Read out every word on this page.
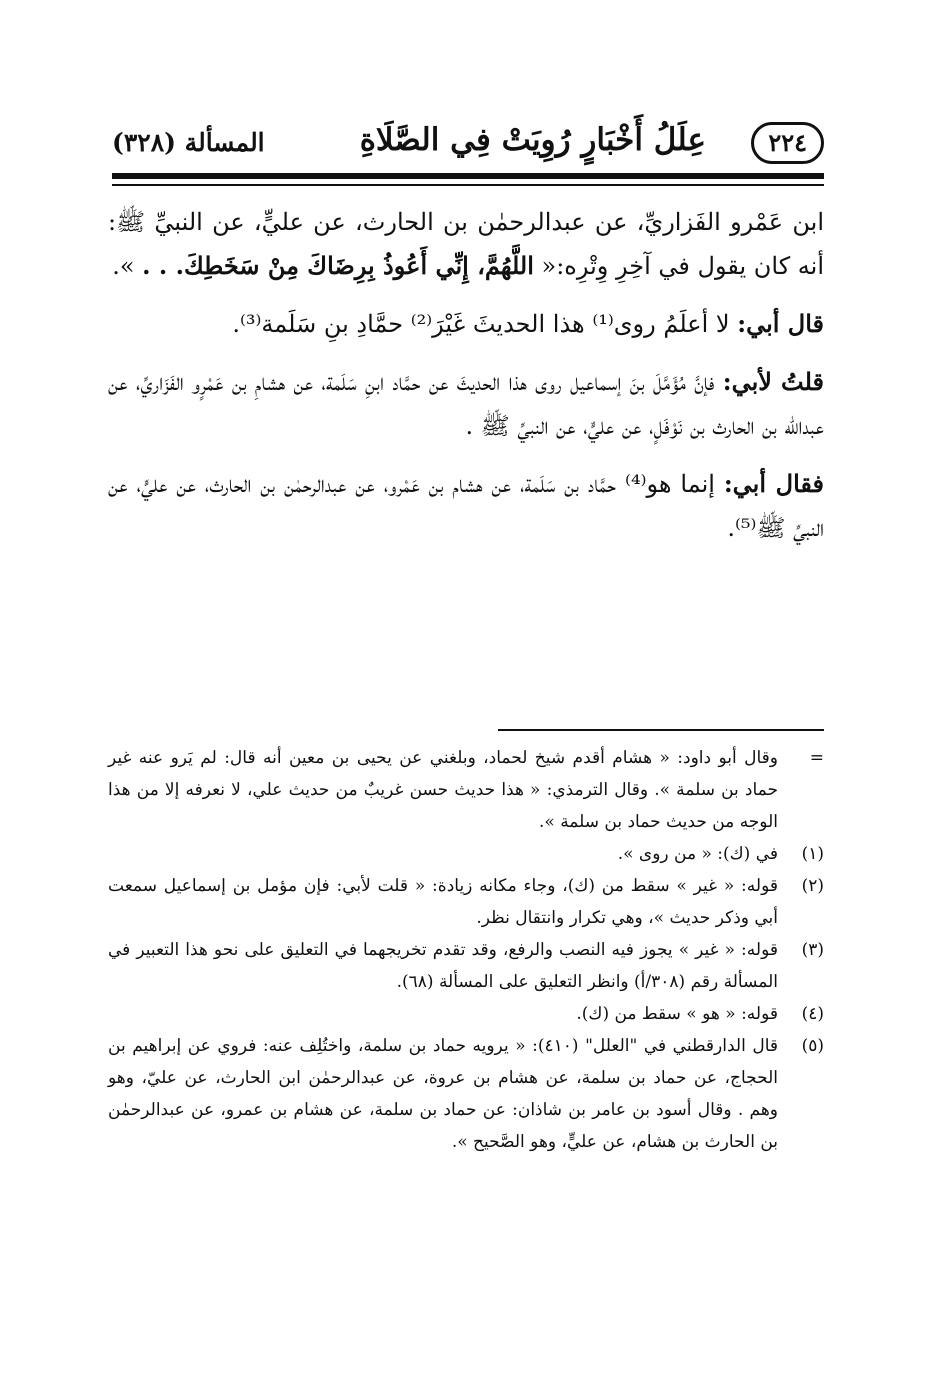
٢٢٤
عِلَلُ أَخْبَارٍ رُوِيَتْ فِي الصَّلَاةِ
المسألة (٣٢٨)

ابن عَمْرو الفَزاريِّ، عن عبدالرحمٰن بن الحارث، عن عليٍّ، عن النبيِّ ﷺ: أنه كان يقول في آخِرِ وِتْرِه:« اللَّهُمَّ، إِنِّي أَعُوذُ بِرِضَاكَ مِنْ سَخَطِكَ. . . ».

قال أبي: لا أعلَمُ روى⁽¹⁾ هذا الحديثَ غَيْرَ⁽²⁾ حمَّادِ بنِ سَلَمة⁽³⁾.

قلتُ لأبي: فإنَّ مُؤَمَّلَ بنَ إسماعيل روى هذا الحديثَ عن حمَّاد ابنِ سَلَمة، عن هشامِ بن عَمْرٍو الفَزَاريِّ، عن عبدالله بن الحارث بن نَوْفَلٍ، عن عليٍّ، عن النبيِّ ﷺ .

فقال أبي: إنما هو⁽⁴⁾ حمَّاد بن سَلَمة، عن هشام بن عَمْرو، عن عبدالرحمٰن بن الحارث، عن عليٍّ، عن النبيِّ ﷺ⁽⁵⁾.

=
وقال أبو داود: « هشام أقدم شيخ لحماد، وبلغني عن يحيى بن معين أنه قال: لم يَرو عنه غير حماد بن سلمة ». وقال الترمذي: « هذا حديث حسن غريبٌ من حديث علي، لا نعرفه إلا من هذا الوجه من حديث حماد بن سلمة ».
(١)
في (ك): « من روى ».
(٢)
قوله: « غير » سقط من (ك)، وجاء مكانه زيادة: « قلت لأبي: فإن مؤمل بن إسماعيل سمعت أبي وذكر حديث »، وهي تكرار وانتقال نظر.
(٣)
قوله: « غير » يجوز فيه النصب والرفع، وقد تقدم تخريجهما في التعليق على نحو هذا التعبير في المسألة رقم (٣٠٨/أ) وانظر التعليق على المسألة (٦٨).
(٤)
قوله: « هو » سقط من (ك).
(٥)
قال الدارقطني في "العلل" (٤١٠): « يرويه حماد بن سلمة، واختُلِف عنه: فروي عن إبراهيم بن الحجاج، عن حماد بن سلمة، عن هشام بن عروة، عن عبدالرحمٰن ابن الحارث، عن عليّ، وهو وهم . وقال أسود بن عامر بن شاذان: عن حماد بن سلمة، عن هشام بن عمرو، عن عبدالرحمٰن بن الحارث بن هشام، عن عليٍّ، وهو الصَّحيح ».
